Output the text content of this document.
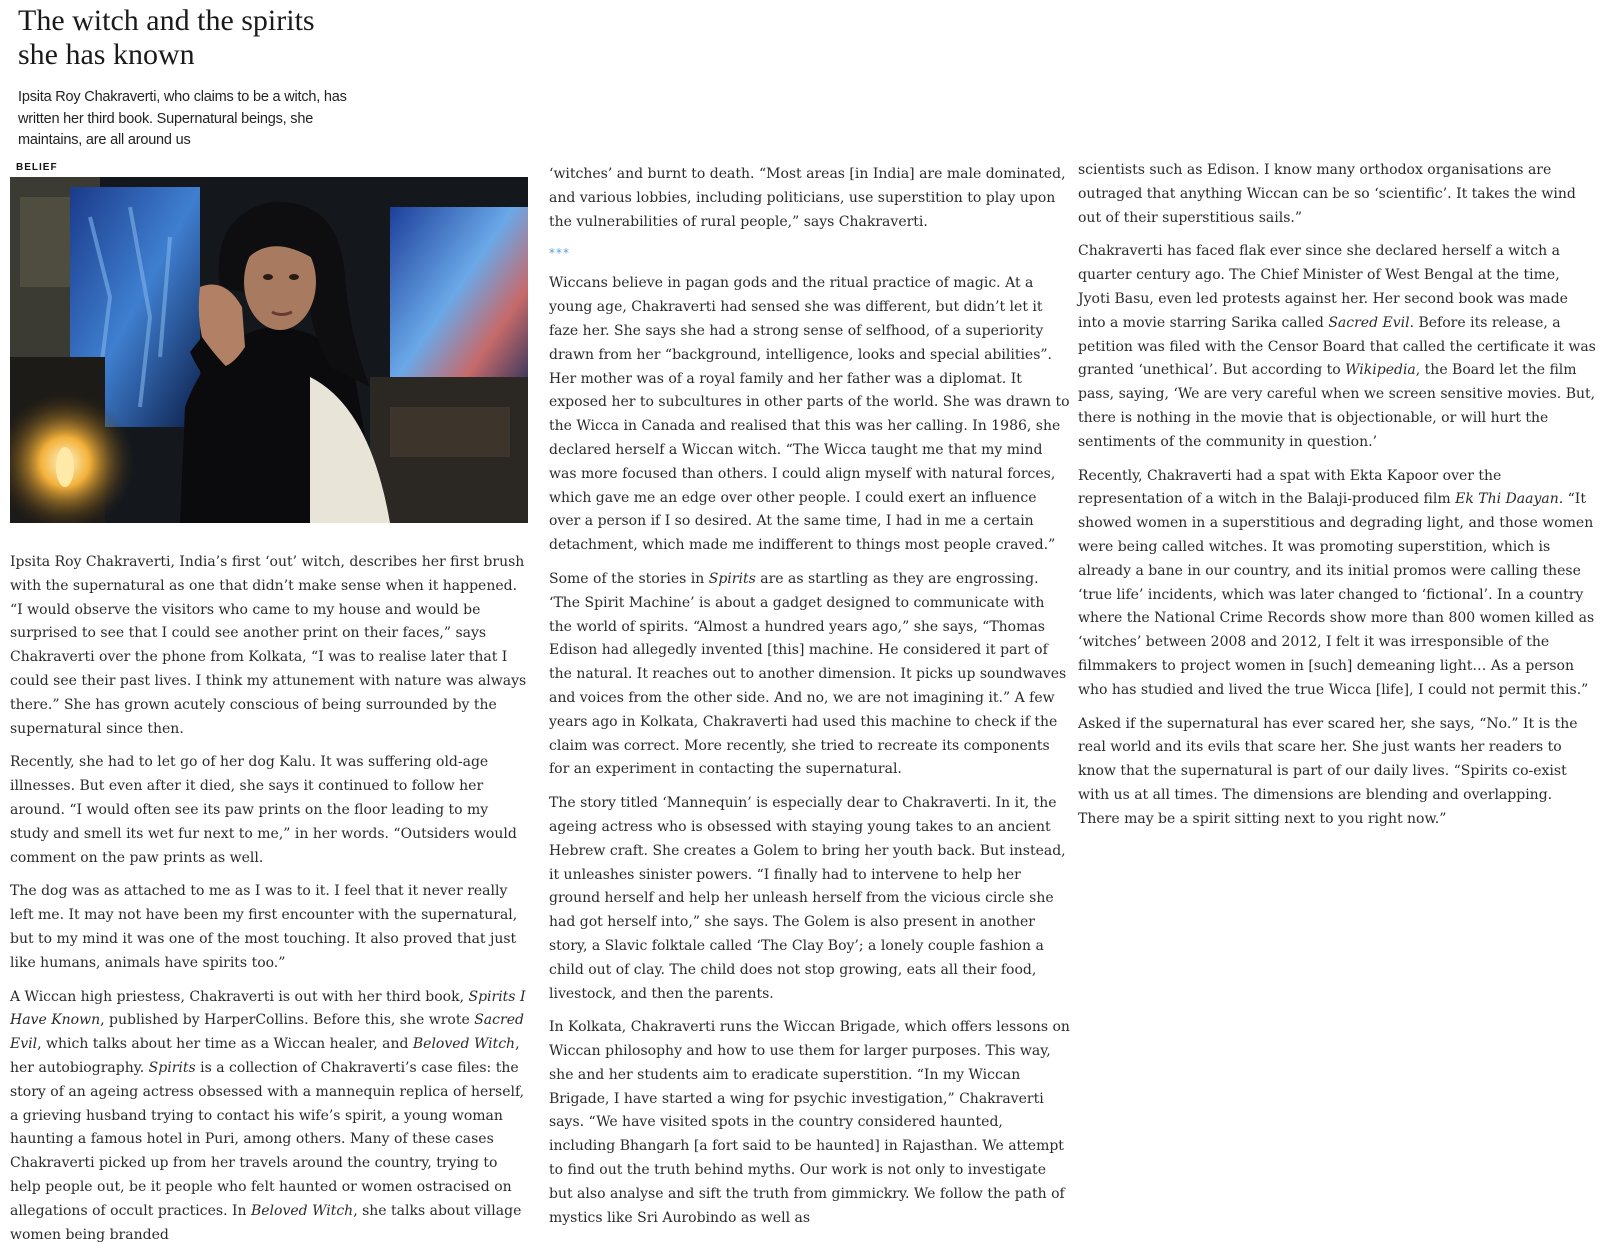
The witch and the spirits she has known

Ipsita Roy Chakraverti, who claims to be a witch, has written her third book. Supernatural beings, she maintains, are all around us

BELIEF

Ipsita Roy Chakraverti, India’s first ‘out’ witch, describes her first brush with the supernatural as one that didn’t make sense when it happened. “I would observe the visitors who came to my house and would be surprised to see that I could see another print on their faces,” says Chakraverti over the phone from Kolkata, “I was to realise later that I could see their past lives. I think my attunement with nature was always there.” She has grown acutely conscious of being surrounded by the supernatural since then.

Recently, she had to let go of her dog Kalu. It was suffering old-age illnesses. But even after it died, she says it continued to follow her around. “I would often see its paw prints on the floor leading to my study and smell its wet fur next to me,” in her words. “Outsiders would comment on the paw prints as well.

The dog was as attached to me as I was to it. I feel that it never really left me. It may not have been my first encounter with the supernatural, but to my mind it was one of the most touching. It also proved that just like humans, animals have spirits too.”

A Wiccan high priestess, Chakraverti is out with her third book, Spirits I Have Known, published by HarperCollins. Before this, she wrote Sacred Evil, which talks about her time as a Wiccan healer, and Beloved Witch, her autobiography. Spirits is a collection of Chakraverti’s case files: the story of an ageing actress obsessed with a mannequin replica of herself, a grieving husband trying to contact his wife’s spirit, a young woman haunting a famous hotel in Puri, among others. Many of these cases Chakraverti picked up from her travels around the country, trying to help people out, be it people who felt haunted or women ostracised on allegations of occult practices. In Beloved Witch, she talks about village women being branded

‘witches’ and burnt to death. “Most areas [in India] are male dominated, and various lobbies, including politicians, use superstition to play upon the vulnerabilities of rural people,” says Chakraverti.

***

Wiccans believe in pagan gods and the ritual practice of magic. At a young age, Chakraverti had sensed she was different, but didn’t let it faze her. She says she had a strong sense of selfhood, of a superiority drawn from her “background, intelligence, looks and special abilities”. Her mother was of a royal family and her father was a diplomat. It exposed her to subcultures in other parts of the world. She was drawn to the Wicca in Canada and realised that this was her calling. In 1986, she declared herself a Wiccan witch. “The Wicca taught me that my mind was more focused than others. I could align myself with natural forces, which gave me an edge over other people. I could exert an influence over a person if I so desired. At the same time, I had in me a certain detachment, which made me indifferent to things most people craved.”

Some of the stories in Spirits are as startling as they are engrossing. ‘The Spirit Machine’ is about a gadget designed to communicate with the world of spirits. “Almost a hundred years ago,” she says, “Thomas Edison had allegedly invented [this] machine. He considered it part of the natural. It reaches out to another dimension. It picks up soundwaves and voices from the other side. And no, we are not imagining it.” A few years ago in Kolkata, Chakraverti had used this machine to check if the claim was correct. More recently, she tried to recreate its components for an experiment in contacting the supernatural.

The story titled ‘Mannequin’ is especially dear to Chakraverti. In it, the ageing actress who is obsessed with staying young takes to an ancient Hebrew craft. She creates a Golem to bring her youth back. But instead, it unleashes sinister powers. “I finally had to intervene to help her ground herself and help her unleash herself from the vicious circle she had got herself into,” she says. The Golem is also present in another story, a Slavic folktale called ‘The Clay Boy’; a lonely couple fashion a child out of clay. The child does not stop growing, eats all their food, livestock, and then the parents.

In Kolkata, Chakraverti runs the Wiccan Brigade, which offers lessons on Wiccan philosophy and how to use them for larger purposes. This way, she and her students aim to eradicate superstition. “In my Wiccan Brigade, I have started a wing for psychic investigation,” Chakraverti says. “We have visited spots in the country considered haunted, including Bhangarh [a fort said to be haunted] in Rajasthan. We attempt to find out the truth behind myths. Our work is not only to investigate but also analyse and sift the truth from gimmickry. We follow the path of mystics like Sri Aurobindo as well as

scientists such as Edison. I know many orthodox organisations are outraged that anything Wiccan can be so ‘scientific’. It takes the wind out of their superstitious sails.”

Chakraverti has faced flak ever since she declared herself a witch a quarter century ago. The Chief Minister of West Bengal at the time, Jyoti Basu, even led protests against her. Her second book was made into a movie starring Sarika called Sacred Evil. Before its release, a petition was filed with the Censor Board that called the certificate it was granted ‘unethical’. But according to Wikipedia, the Board let the film pass, saying, ‘We are very careful when we screen sensitive movies. But, there is nothing in the movie that is objectionable, or will hurt the sentiments of the community in question.’

Recently, Chakraverti had a spat with Ekta Kapoor over the representation of a witch in the Balaji-produced film Ek Thi Daayan. “It showed women in a superstitious and degrading light, and those women were being called witches. It was promoting superstition, which is already a bane in our country, and its initial promos were calling these ‘true life’ incidents, which was later changed to ‘fictional’. In a country where the National Crime Records show more than 800 women killed as ‘witches’ between 2008 and 2012, I felt it was irresponsible of the filmmakers to project women in [such] demeaning light… As a person who has studied and lived the true Wicca [life], I could not permit this.”

Asked if the supernatural has ever scared her, she says, “No.” It is the real world and its evils that scare her. She just wants her readers to know that the supernatural is part of our daily lives. “Spirits co-exist with us at all times. The dimensions are blending and overlapping. There may be a spirit sitting next to you right now.”
